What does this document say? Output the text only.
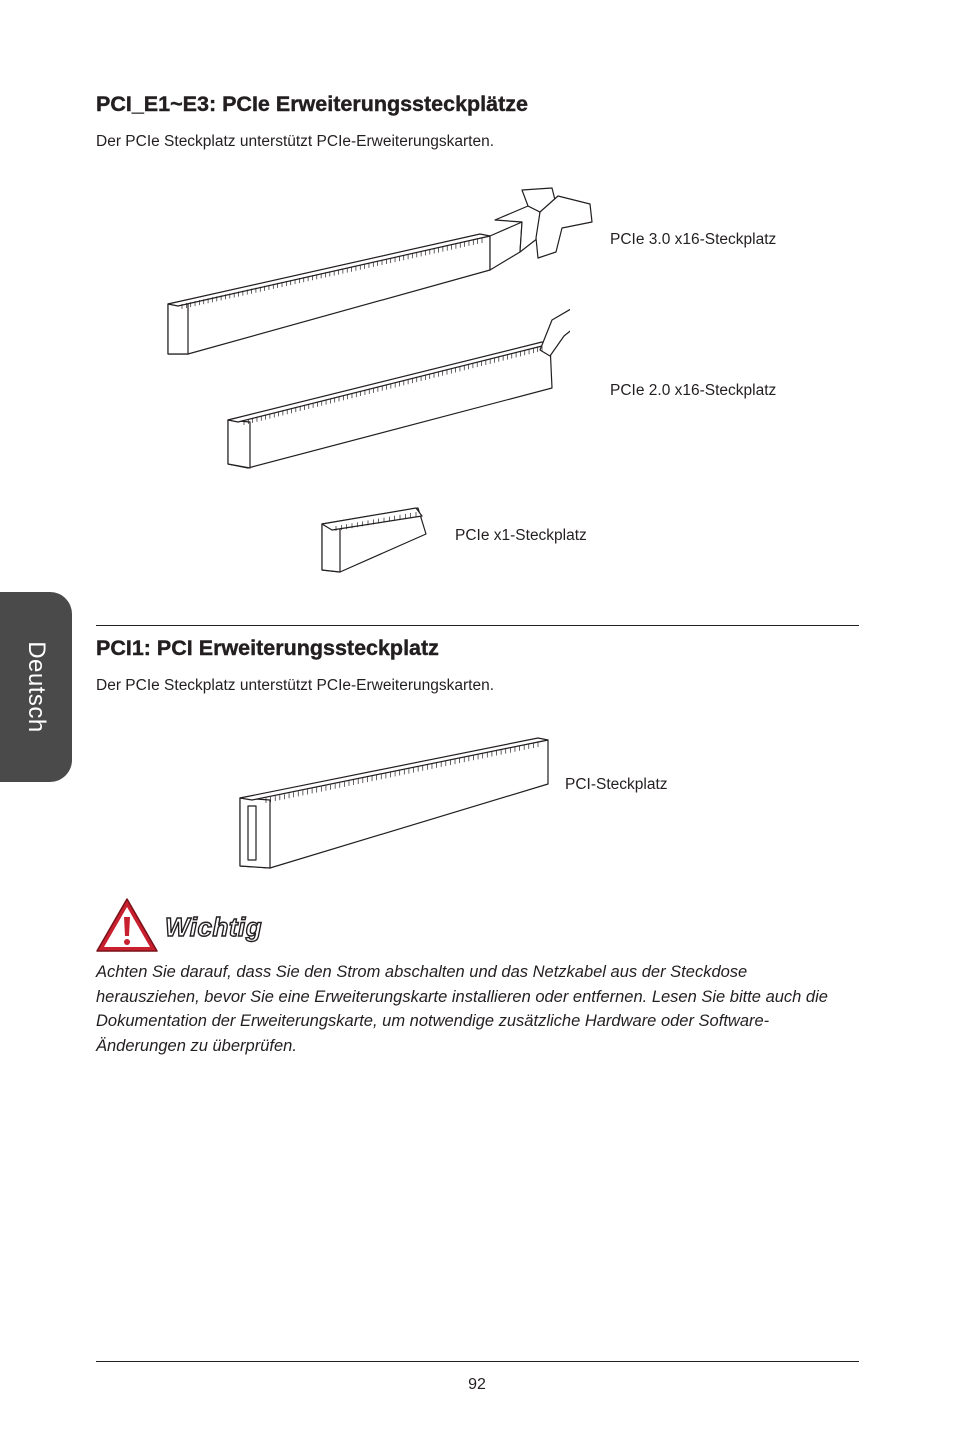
Deutsch
PCI_E1~E3: PCIe Erweiterungssteckplätze
Der PCIe Steckplatz unterstützt PCIe-Erweiterungskarten.
PCIe 3.0 x16-Steckplatz
PCIe 2.0 x16-Steckplatz
PCIe x1-Steckplatz
PCI1: PCI Erweiterungssteckplatz
Der PCIe Steckplatz unterstützt PCIe-Erweiterungskarten.
PCI-Steckplatz
Wichtig
Achten Sie darauf, dass Sie den Strom abschalten und das Netzkabel aus der Steckdose herausziehen, bevor Sie eine Erweiterungskarte installieren oder entfernen. Lesen Sie bitte auch die Dokumentation der Erweiterungskarte, um notwendige zusätzliche Hardware oder Software-Änderungen zu überprüfen.
92
